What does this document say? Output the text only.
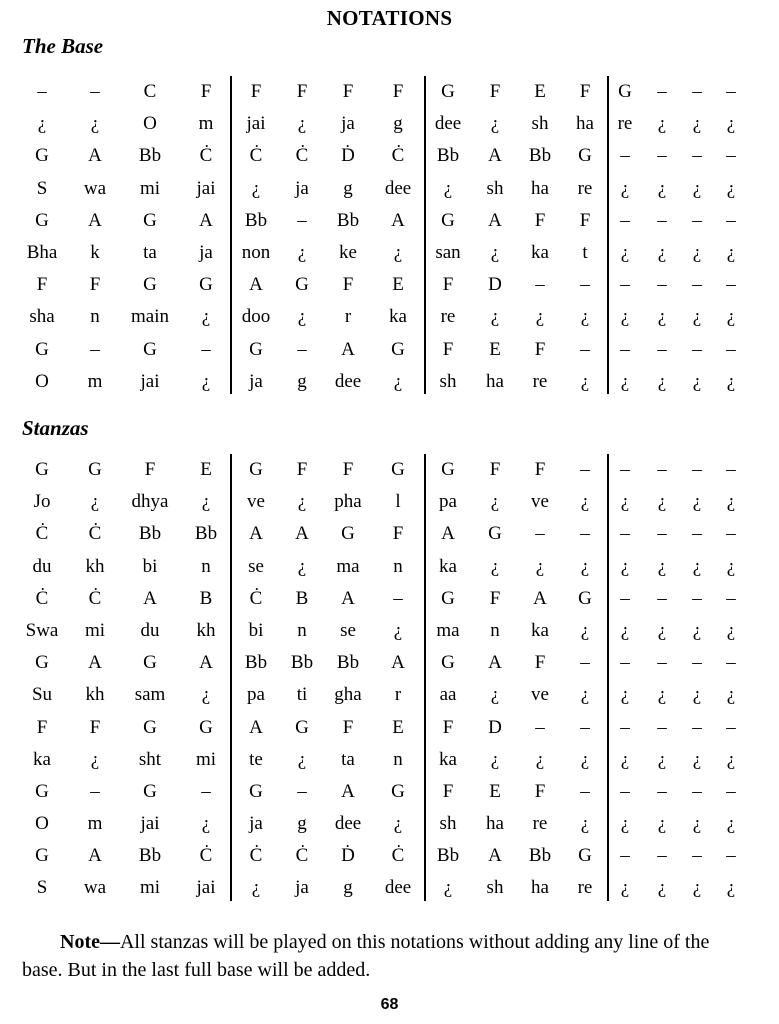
NOTATIONS
The Base
–	–	C	F	F	F	F	F	G	F	E	F	G	–	–	–
¿	¿	O	m	jai	¿	ja	g	dee	¿	sh	ha	re	¿	¿	¿
G	A	Bb	Ċ	Ċ	Ċ	Ḋ	Ċ	Bb	A	Bb	G	–	–	–	–
S	wa	mi	jai	¿	ja	g	dee	¿	sh	ha	re	¿	¿	¿	¿
G	A	G	A	Bb	–	Bb	A	G	A	F	F	–	–	–	–
Bha	k	ta	ja	non	¿	ke	¿	san	¿	ka	t	¿	¿	¿	¿
F	F	G	G	A	G	F	E	F	D	–	–	–	–	–	–
sha	n	main	¿	doo	¿	r	ka	re	¿	¿	¿	¿	¿	¿	¿
G	–	G	–	G	–	A	G	F	E	F	–	–	–	–	–
O	m	jai	¿	ja	g	dee	¿	sh	ha	re	¿	¿	¿	¿	¿
Stanzas
G	G	F	E	G	F	F	G	G	F	F	–	–	–	–	–
Jo	¿	dhya	¿	ve	¿	pha	l	pa	¿	ve	¿	¿	¿	¿	¿
Ċ	Ċ	Bb	Bb	A	A	G	F	A	G	–	–	–	–	–	–
du	kh	bi	n	se	¿	ma	n	ka	¿	¿	¿	¿	¿	¿	¿
Ċ	Ċ	A	B	Ċ	B	A	–	G	F	A	G	–	–	–	–
Swa	mi	du	kh	bi	n	se	¿	ma	n	ka	¿	¿	¿	¿	¿
G	A	G	A	Bb	Bb	Bb	A	G	A	F	–	–	–	–	–
Su	kh	sam	¿	pa	ti	gha	r	aa	¿	ve	¿	¿	¿	¿	¿
F	F	G	G	A	G	F	E	F	D	–	–	–	–	–	–
ka	¿	sht	mi	te	¿	ta	n	ka	¿	¿	¿	¿	¿	¿	¿
G	–	G	–	G	–	A	G	F	E	F	–	–	–	–	–
O	m	jai	¿	ja	g	dee	¿	sh	ha	re	¿	¿	¿	¿	¿
G	A	Bb	Ċ	Ċ	Ċ	Ḋ	Ċ	Bb	A	Bb	G	–	–	–	–
S	wa	mi	jai	¿	ja	g	dee	¿	sh	ha	re	¿	¿	¿	¿
Note—All stanzas will be played on this notations without adding any line of the base. But in the last full base will be added.
68
